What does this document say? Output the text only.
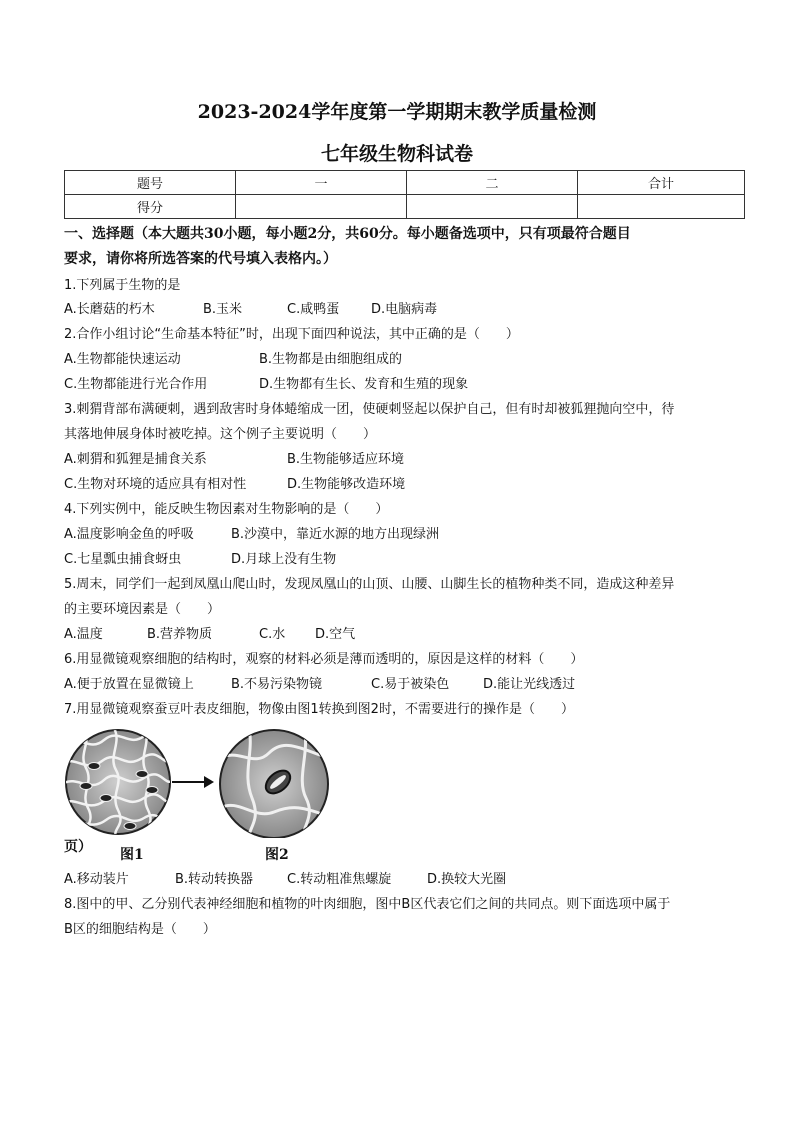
2023-2024学年度第一学期期末教学质量检测
七年级生物科试卷
题号	一	二	合计
得分			
一、选择题（本大题共30小题，每小题2分，共60分。每小题备选项中，只有项最符合题目
要求，请你将所选答案的代号填入表格内。）
1.下列属于生物的是
A.长蘑菇的朽木	B.玉米	C.咸鸭蛋 D.电脑病毒
2.合作小组讨论“生命基本特征”时，出现下面四种说法，其中正确的是（　　）
A.生物都能快速运动	B.生物都是由细胞组成的
C.生物都能进行光合作用	D.生物都有生长、发育和生殖的现象
3.刺猬背部布满硬刺，遇到敌害时身体蜷缩成一团，使硬刺竖起以保护自己，但有时却被狐狸抛向空中，待
其落地伸展身体时被吃掉。这个例子主要说明（　　）
A.刺猬和狐狸是捕食关系	B.生物能够适应环境
C.生物对环境的适应具有相对性	D.生物能够改造环境
4.下列实例中，能反映生物因素对生物影响的是（　　）
A.温度影响金鱼的呼吸	B.沙漠中，靠近水源的地方出现绿洲
C.七星瓢虫捕食蚜虫	D.月球上没有生物
5.周末，同学们一起到凤凰山爬山时，发现凤凰山的山顶、山腰、山脚生长的植物种类不同，造成这种差异
的主要环境因素是（　　）
A.温度	B.营养物质	C.水 D.空气
6.用显微镜观察细胞的结构时，观察的材料必须是薄而透明的，原因是这样的材料（　　）
A.便于放置在显微镜上	B.不易污染物镜	C.易于被染色	D.能让光线透过
7.用显微镜观察蚕豆叶表皮细胞，物像由图1转换到图2时，不需要进行的操作是（　　）
页） 图1	图2
A.移动装片	B.转动转换器	C.转动粗准焦螺旋	D.换较大光圈
8.图中的甲、乙分别代表神经细胞和植物的叶肉细胞，图中B区代表它们之间的共同点。则下面选项中属于
B区的细胞结构是（　　）
